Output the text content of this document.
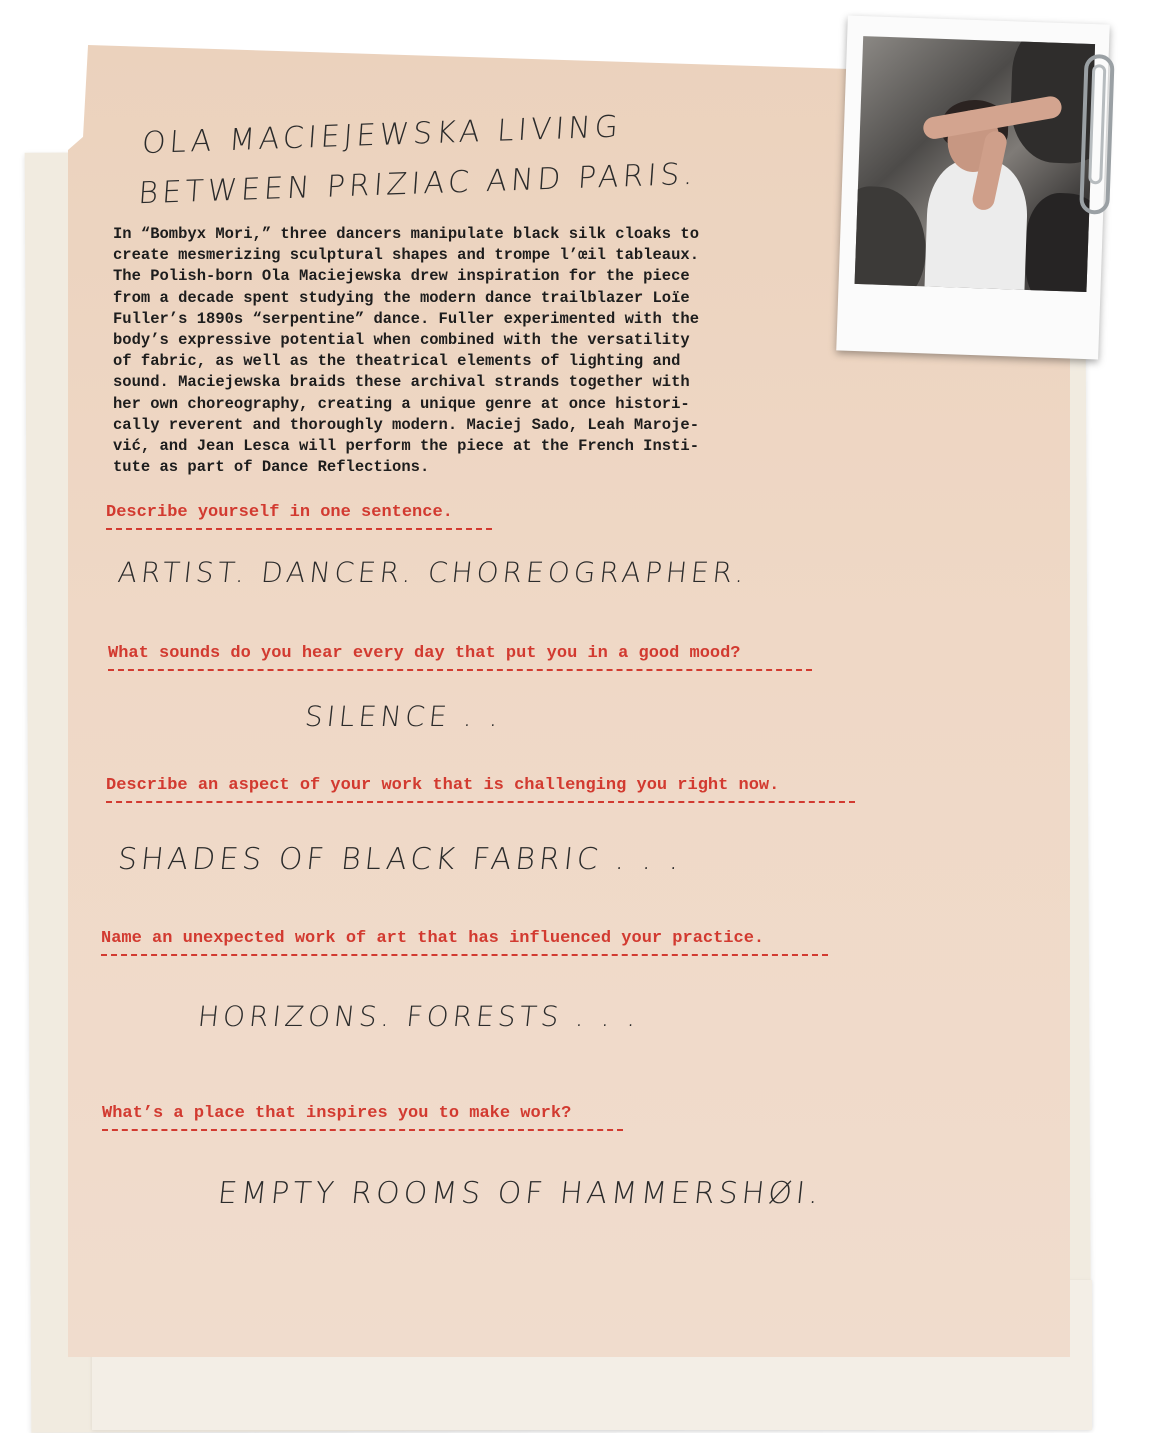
OLA MACIEJEWSKA LIVING BETWEEN PRIZIAC AND PARIS.
In “Bombyx Mori,” three dancers manipulate black silk cloaks to
create mesmerizing sculptural shapes and trompe l’œil tableaux.
The Polish-born Ola Maciejewska drew inspiration for the piece
from a decade spent studying the modern dance trailblazer Loïe
Fuller’s 1890s “serpentine” dance. Fuller experimented with the
body’s expressive potential when combined with the versatility
of fabric, as well as the theatrical elements of lighting and
sound. Maciejewska braids these archival strands together with
her own choreography, creating a unique genre at once histori-
cally reverent and thoroughly modern. Maciej Sado, Leah Maroje-
vić, and Jean Lesca will perform the piece at the French Insti-
tute as part of Dance Reflections.
Describe yourself in one sentence.
ARTIST. DANCER. CHOREOGRAPHER.
What sounds do you hear every day that put you in a good mood?
SILENCE . .
Describe an aspect of your work that is challenging you right now.
SHADES OF BLACK FABRIC . . .
Name an unexpected work of art that has influenced your practice.
HORIZONS. FORESTS . . .
What’s a place that inspires you to make work?
EMPTY ROOMS OF HAMMERSHØI.
